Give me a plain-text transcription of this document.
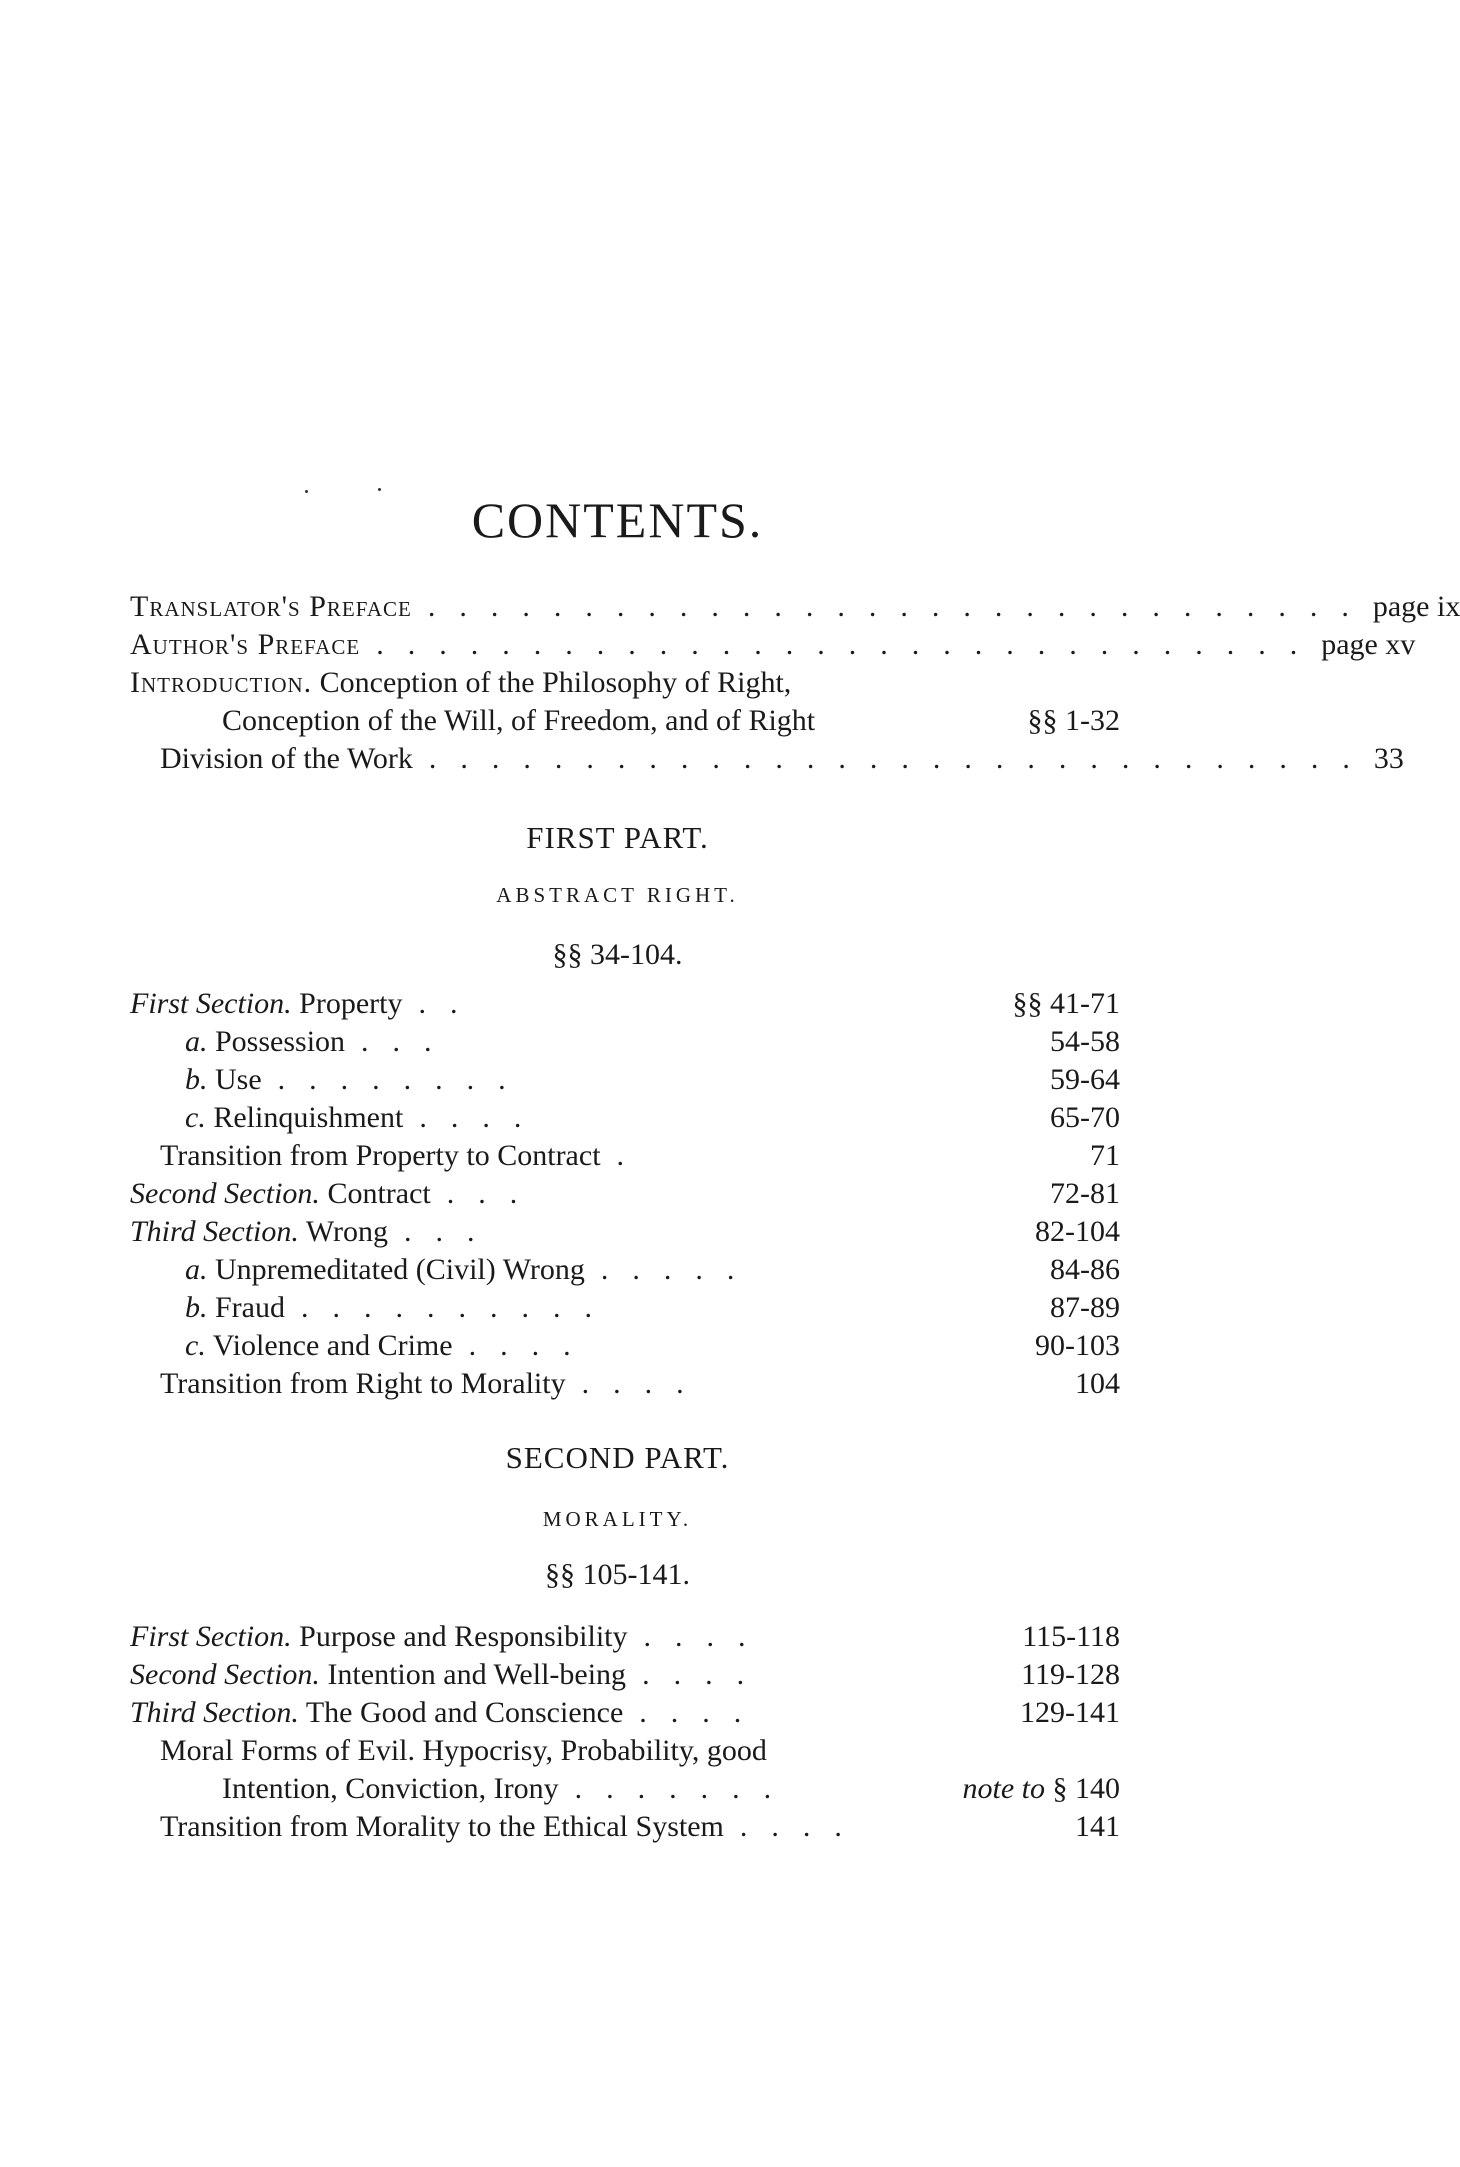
CONTENTS.
Translator's Preface .............................. page ix
Author's Preface .............................. page xv
Introduction. Conception of the Philosophy of Right,
Conception of the Will, of Freedom, and of Right	§§ 1-32
Division of the Work .............................. 33
FIRST PART.
ABSTRACT RIGHT.
§§ 34-104.
First Section. Property ..	§§ 41-71
a. Possession ...	54-58
b. Use ........	59-64
c. Relinquishment ....	65-70
Transition from Property to Contract .	71
Second Section. Contract ...	72-81
Third Section. Wrong ...	82-104
a. Unpremeditated (Civil) Wrong .....	84-86
b. Fraud ..........	87-89
c. Violence and Crime ....	90-103
Transition from Right to Morality ....	104
SECOND PART.
MORALITY.
§§ 105-141.
First Section. Purpose and Responsibility ....	115-118
Second Section. Intention and Well-being ....	119-128
Third Section. The Good and Conscience ....	129-141
Moral Forms of Evil. Hypocrisy, Probability, good
Intention, Conviction, Irony .......	note to § 140
Transition from Morality to the Ethical System ....	141
